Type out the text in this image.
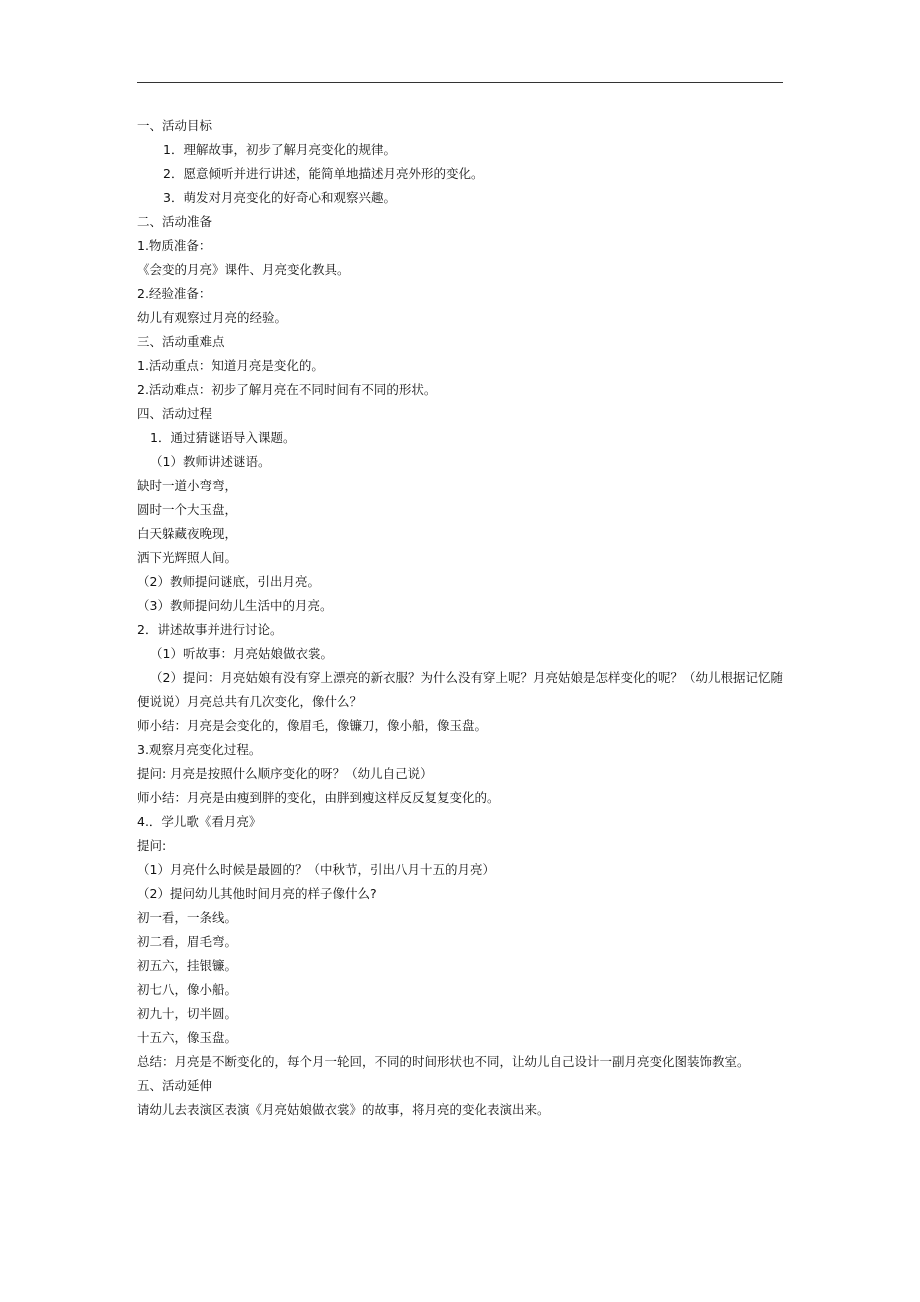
一、活动目标
1．理解故事，初步了解月亮变化的规律。
2．愿意倾听并进行讲述，能简单地描述月亮外形的变化。
3．萌发对月亮变化的好奇心和观察兴趣。
二、活动准备
1.物质准备：
《会变的月亮》课件、月亮变化教具。
2.经验准备：
幼儿有观察过月亮的经验。
三、活动重难点
1.活动重点：知道月亮是变化的。
2.活动难点：初步了解月亮在不同时间有不同的形状。
四、活动过程
1．通过猜谜语导入课题。
（1）教师讲述谜语。
缺时一道小弯弯，
圆时一个大玉盘，
白天躲藏夜晚现，
洒下光辉照人间。
（2）教师提问谜底，引出月亮。
（3）教师提问幼儿生活中的月亮。
2．讲述故事并进行讨论。
（1）听故事：月亮姑娘做衣裳。
（2）提问：月亮姑娘有没有穿上漂亮的新衣服？为什么没有穿上呢？月亮姑娘是怎样变化的呢？（幼儿根据记忆随便说说）月亮总共有几次变化，像什么？
师小结：月亮是会变化的，像眉毛，像镰刀，像小船，像玉盘。
3.观察月亮变化过程。
提问: 月亮是按照什么顺序变化的呀？（幼儿自己说）
师小结：月亮是由瘦到胖的变化，由胖到瘦这样反反复复变化的。
4.．学儿歌《看月亮》
提问:
（1）月亮什么时候是最圆的？（中秋节，引出八月十五的月亮）
（2）提问幼儿其他时间月亮的样子像什么?
初一看，一条线。
初二看，眉毛弯。
初五六，挂银镰。
初七八，像小船。
初九十，切半圆。
十五六，像玉盘。
总结：月亮是不断变化的，每个月一轮回，不同的时间形状也不同，让幼儿自己设计一副月亮变化图装饰教室。
五、活动延伸
请幼儿去表演区表演《月亮姑娘做衣裳》的故事，将月亮的变化表演出来。
